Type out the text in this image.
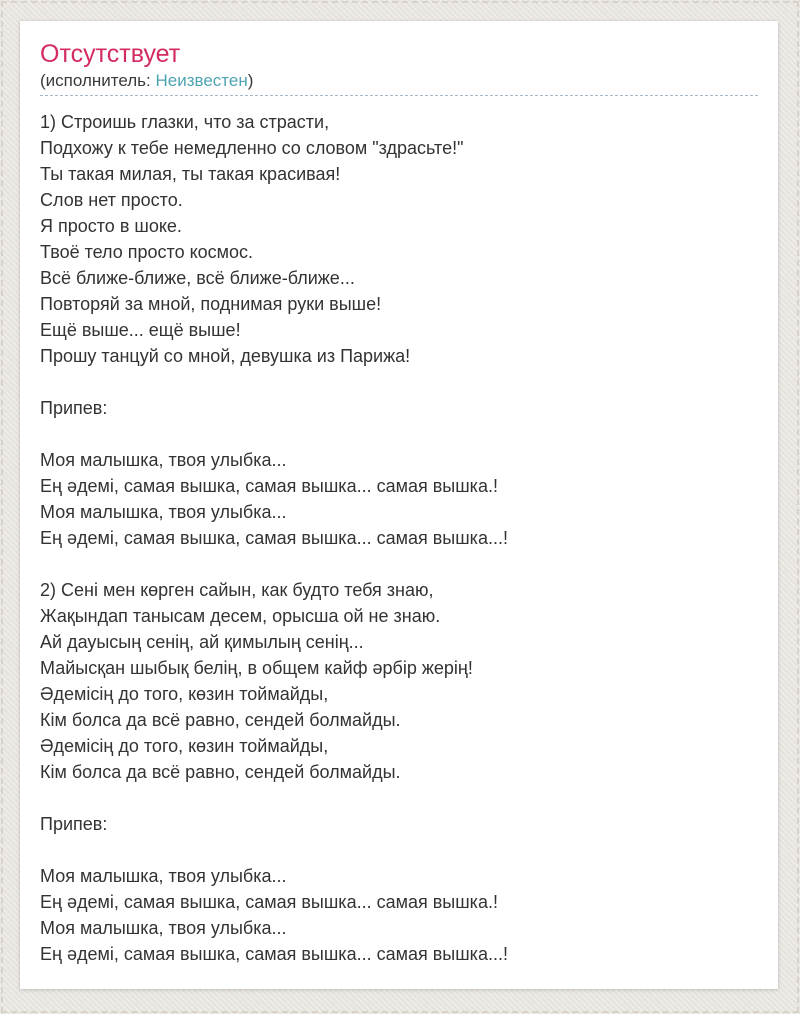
Отсутствует
(исполнитель: Неизвестен)
1) Строишь глазки, что за страсти,
Подхожу к тебе немедленно со словом "здрасьте!"
Ты такая милая, ты такая красивая!
Слов нет просто.
Я просто в шоке.
Твоё тело просто космос.
Всё ближе-ближе, всё ближе-ближе...
Повторяй за мной, поднимая руки выше!
Ещё выше... ещё выше!
Прошу танцуй со мной, девушка из Парижа!

Припев:

Моя малышка, твоя улыбка...
Ең әдемі, самая вышка, самая вышка... самая вышка.!
Моя малышка, твоя улыбка...
Ең әдемі, самая вышка, самая вышка... самая вышка...!

2) Сені мен көрген сайын, как будто тебя знаю,
Жақындап танысам десем, орысша ой не знаю.
Ай дауысың сенің, ай қимылың сенің...
Майысқан шыбық белің, в общем кайф әрбір жерің!
Әдемісің до того, көзин тоймайды,
Кім болса да всё равно, сендей болмайды.
Әдемісің до того, көзин тоймайды,
Кім болса да всё равно, сендей болмайды.

Припев:

Моя малышка, твоя улыбка...
Ең әдемі, самая вышка, самая вышка... самая вышка.!
Моя малышка, твоя улыбка...
Ең әдемі, самая вышка, самая вышка... самая вышка...!
